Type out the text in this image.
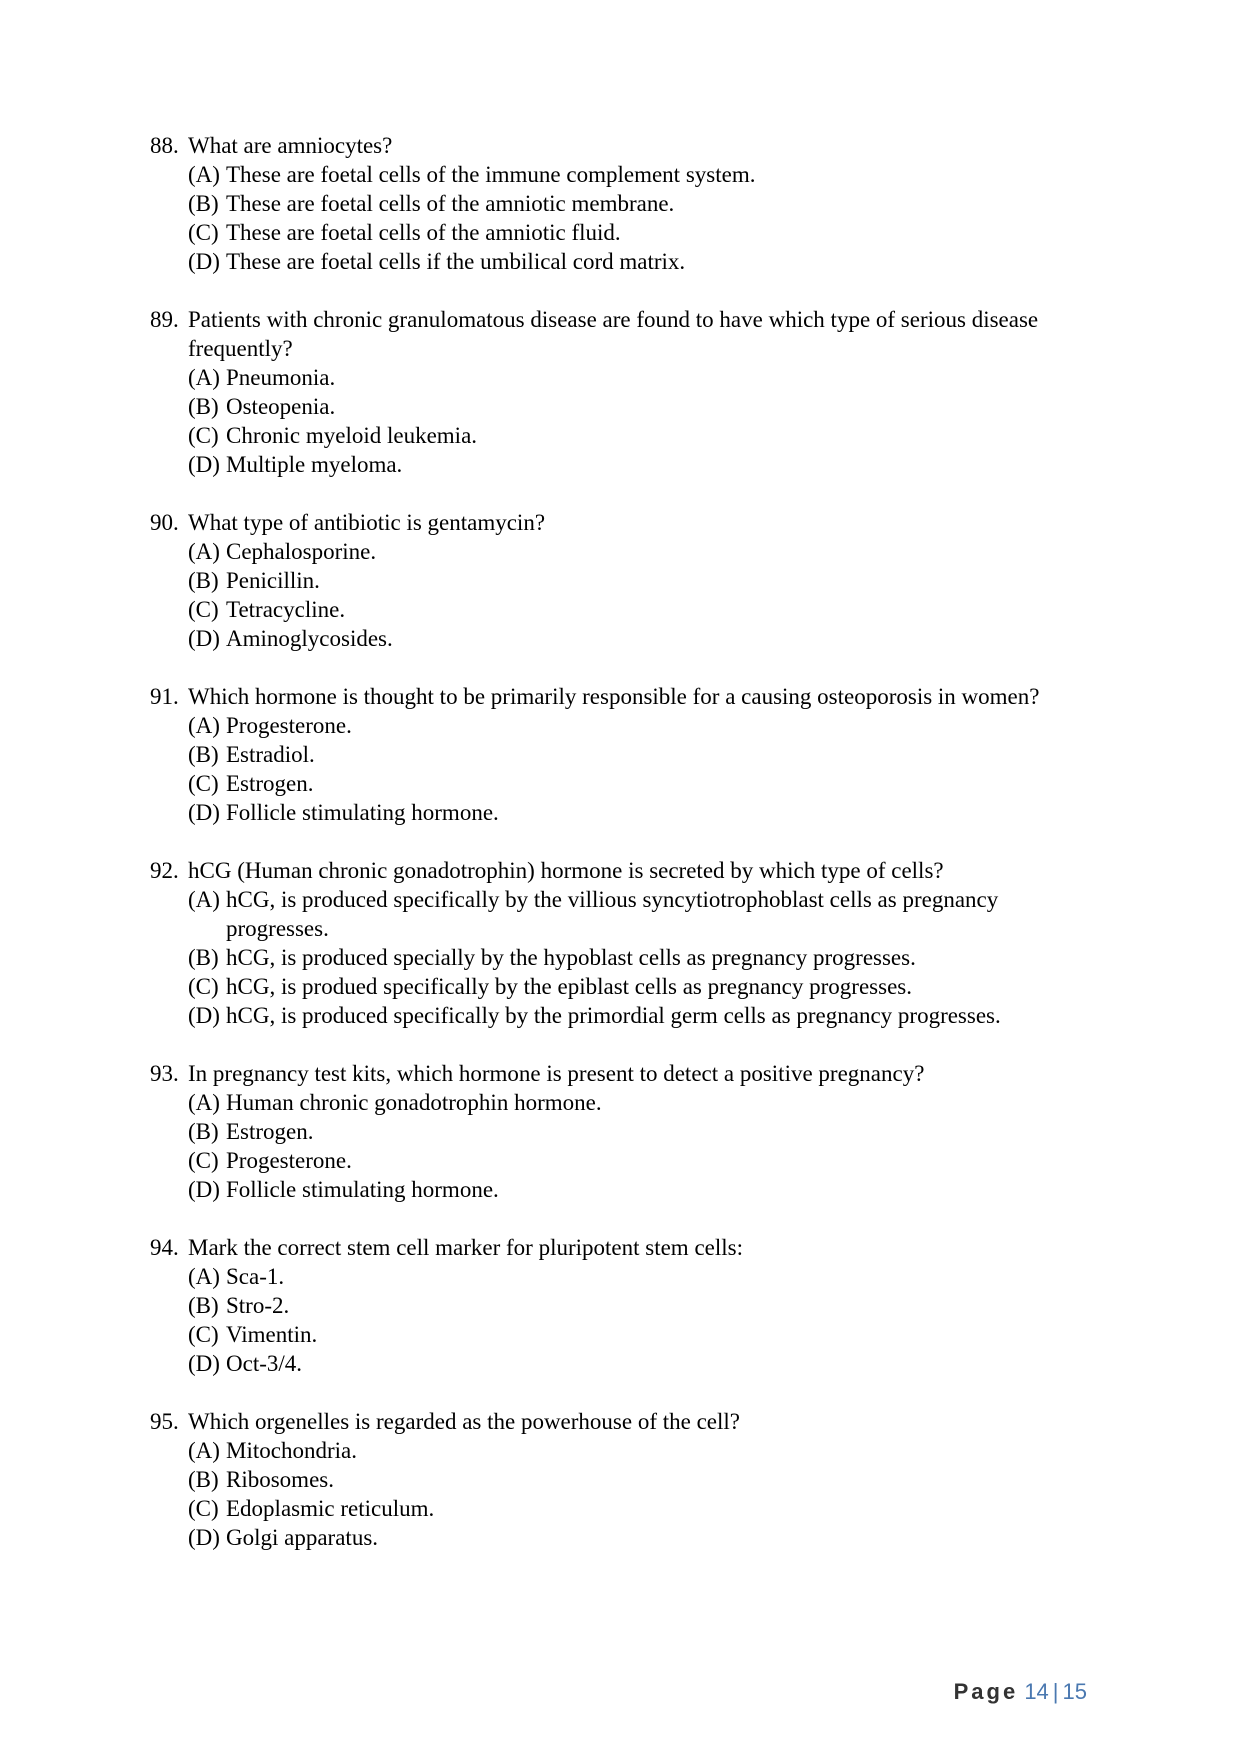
88. What are amniocytes?
(A) These are foetal cells of the immune complement system.
(B) These are foetal cells of the amniotic membrane.
(C) These are foetal cells of the amniotic fluid.
(D) These are foetal cells if the umbilical cord matrix.
89. Patients with chronic granulomatous disease are found to have which type of serious disease frequently?
(A) Pneumonia.
(B) Osteopenia.
(C) Chronic myeloid leukemia.
(D) Multiple myeloma.
90. What type of antibiotic is gentamycin?
(A) Cephalosporine.
(B) Penicillin.
(C) Tetracycline.
(D) Aminoglycosides.
91. Which hormone is thought to be primarily responsible for a causing osteoporosis in women?
(A) Progesterone.
(B) Estradiol.
(C) Estrogen.
(D) Follicle stimulating hormone.
92. hCG (Human chronic gonadotrophin) hormone is secreted by which type of cells?
(A) hCG, is produced specifically by the villious syncytiotrophoblast cells as pregnancy progresses.
(B) hCG, is produced specially by the hypoblast cells as pregnancy progresses.
(C) hCG, is produed specifically by the epiblast cells as pregnancy progresses.
(D) hCG, is produced specifically by the primordial germ cells as pregnancy progresses.
93. In pregnancy test kits, which hormone is present to detect a positive pregnancy?
(A) Human chronic gonadotrophin hormone.
(B) Estrogen.
(C) Progesterone.
(D) Follicle stimulating hormone.
94. Mark the correct stem cell marker for pluripotent stem cells:
(A) Sca-1.
(B) Stro-2.
(C) Vimentin.
(D) Oct-3/4.
95. Which orgenelles is regarded as the powerhouse of the cell?
(A) Mitochondria.
(B) Ribosomes.
(C) Edoplasmic reticulum.
(D) Golgi apparatus.
Page 14 | 15
